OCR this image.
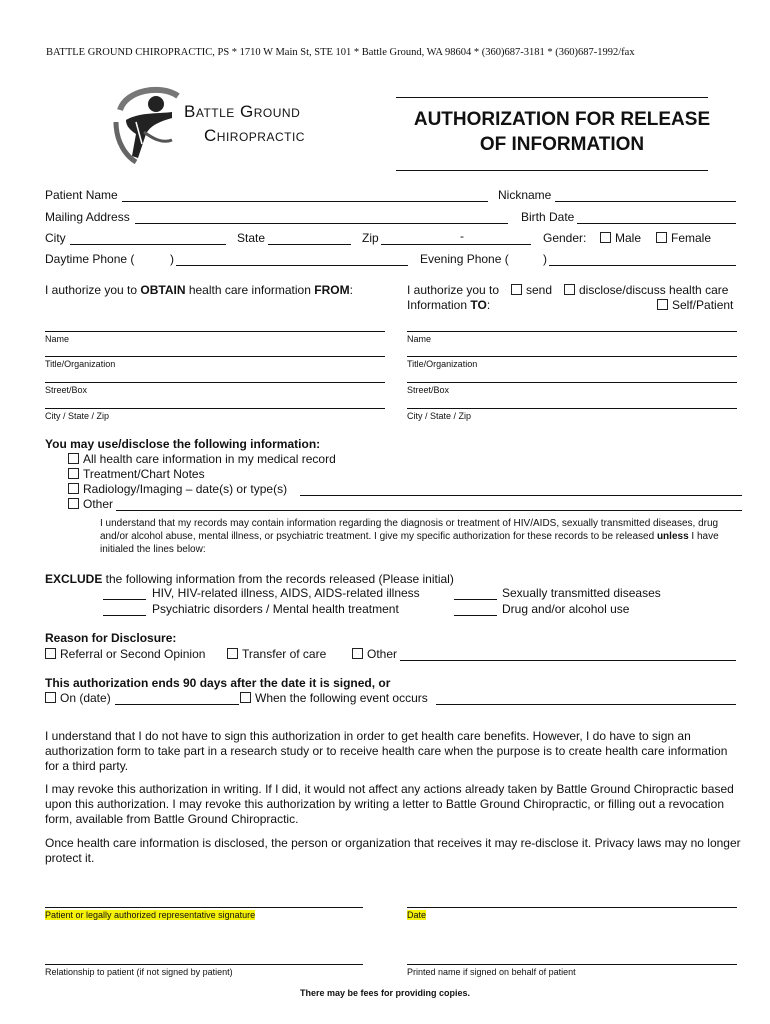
BATTLE GROUND CHIROPRACTIC, PS * 1710 W Main St, STE 101 * Battle Ground, WA 98604 * (360)687-3181 * (360)687-1992/fax
Battle Ground
Chiropractic
AUTHORIZATION FOR RELEASE
OF INFORMATION
Patient Name	Nickname
Mailing Address	Birth Date
City	State	Zip	-	Gender:	Male	Female
Daytime Phone (	)	Evening Phone (	)
I authorize you to OBTAIN health care information FROM:	I authorize you to	send	disclose/discuss health care
Information TO:	Self/Patient
Name
Title/Organization
Street/Box
City / State / Zip
Name
Title/Organization
Street/Box
City / State / Zip
You may use/disclose the following information:
All health care information in my medical record
Treatment/Chart Notes
Radiology/Imaging – date(s) or type(s)
Other
I understand that my records may contain information regarding the diagnosis or treatment of HIV/AIDS, sexually transmitted diseases, drug and/or alcohol abuse, mental illness, or psychiatric treatment. I give my specific authorization for these records to be released unless I have initialed the lines below:
EXCLUDE the following information from the records released (Please initial)
HIV, HIV-related illness, AIDS, AIDS-related illness
Psychiatric disorders / Mental health treatment
Sexually transmitted diseases
Drug and/or alcohol use
Reason for Disclosure:
Referral or Second Opinion	Transfer of care	Other
This authorization ends 90 days after the date it is signed, or
On (date)	When the following event occurs
I understand that I do not have to sign this authorization in order to get health care benefits. However, I do have to sign an authorization form to take part in a research study or to receive health care when the purpose is to create health care information for a third party.
I may revoke this authorization in writing. If I did, it would not affect any actions already taken by Battle Ground Chiropractic based upon this authorization. I may revoke this authorization by writing a letter to Battle Ground Chiropractic, or filling out a revocation form, available from Battle Ground Chiropractic.
Once health care information is disclosed, the person or organization that receives it may re-disclose it. Privacy laws may no longer protect it.
Patient or legally authorized representative signature	Date
Relationship to patient (if not signed by patient)	Printed name if signed on behalf of patient
There may be fees for providing copies.
